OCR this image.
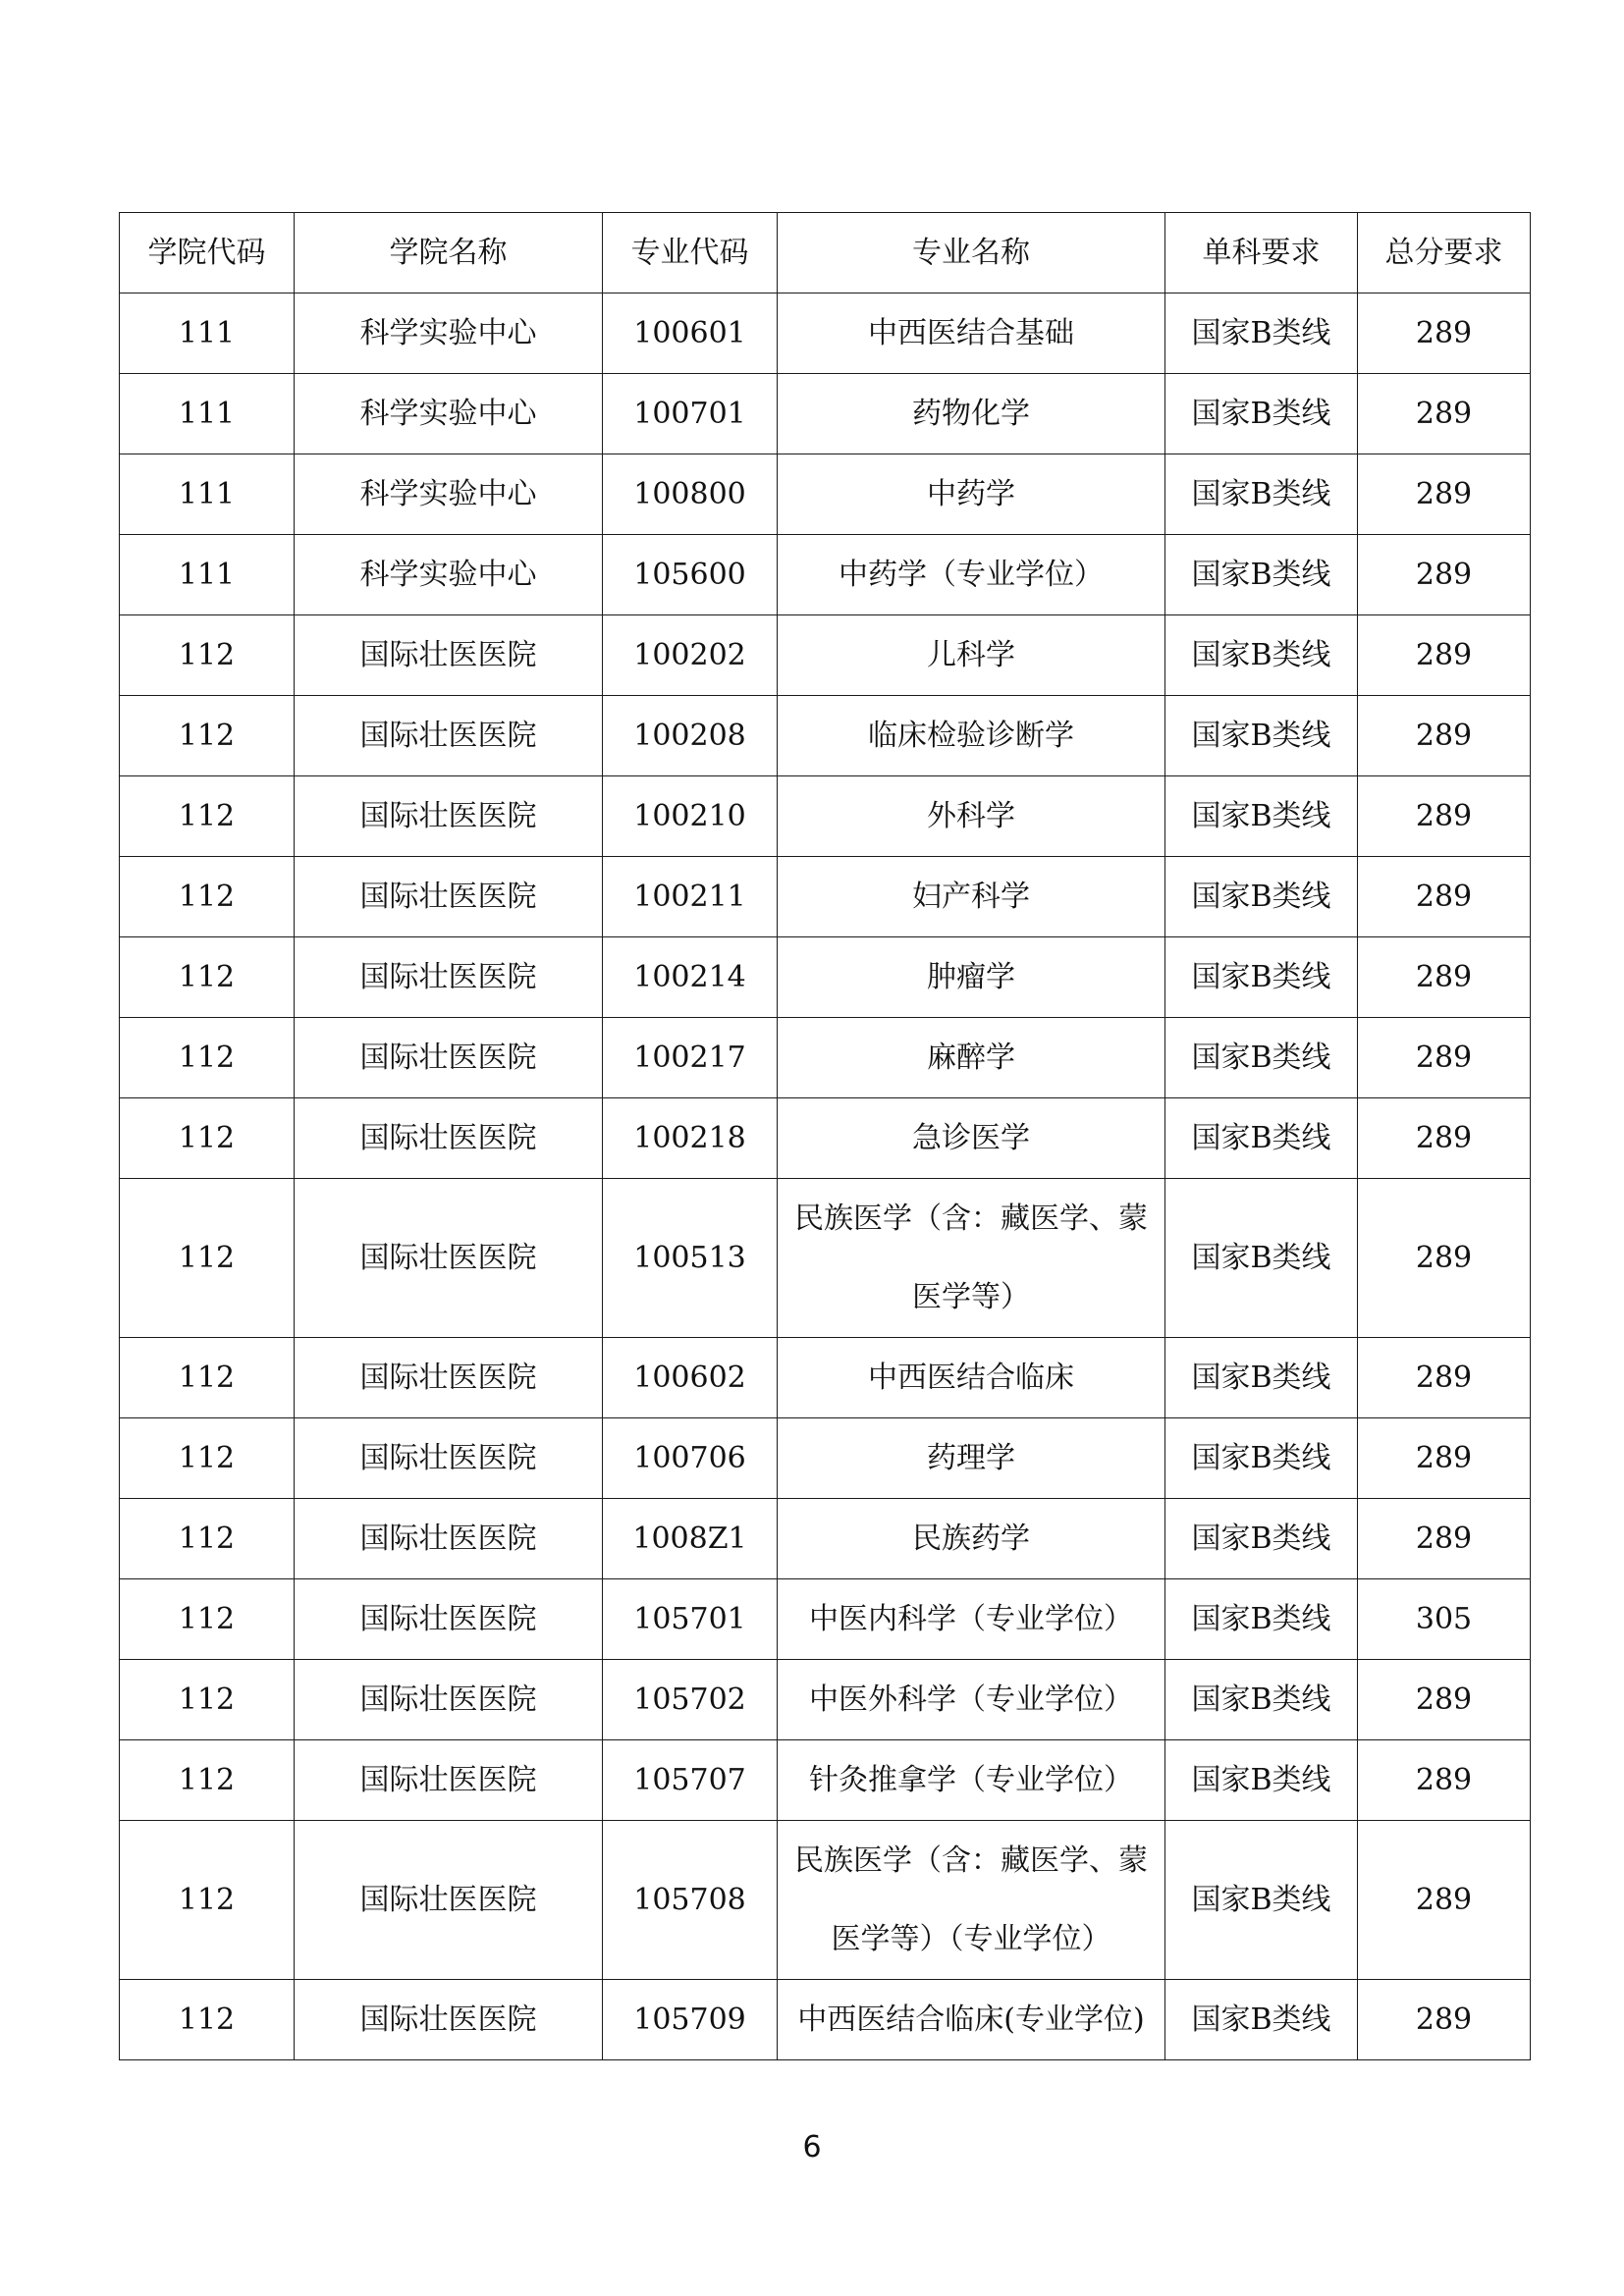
学院代码	学院名称	专业代码	专业名称	单科要求	总分要求
111	科学实验中心	100601	中西医结合基础	国家B类线	289
111	科学实验中心	100701	药物化学	国家B类线	289
111	科学实验中心	100800	中药学	国家B类线	289
111	科学实验中心	105600	中药学（专业学位）	国家B类线	289
112	国际壮医医院	100202	儿科学	国家B类线	289
112	国际壮医医院	100208	临床检验诊断学	国家B类线	289
112	国际壮医医院	100210	外科学	国家B类线	289
112	国际壮医医院	100211	妇产科学	国家B类线	289
112	国际壮医医院	100214	肿瘤学	国家B类线	289
112	国际壮医医院	100217	麻醉学	国家B类线	289
112	国际壮医医院	100218	急诊医学	国家B类线	289
112	国际壮医医院	100513	民族医学（含：藏医学、蒙医学等）	国家B类线	289
112	国际壮医医院	100602	中西医结合临床	国家B类线	289
112	国际壮医医院	100706	药理学	国家B类线	289
112	国际壮医医院	1008Z1	民族药学	国家B类线	289
112	国际壮医医院	105701	中医内科学（专业学位）	国家B类线	305
112	国际壮医医院	105702	中医外科学（专业学位）	国家B类线	289
112	国际壮医医院	105707	针灸推拿学（专业学位）	国家B类线	289
112	国际壮医医院	105708	民族医学（含：藏医学、蒙医学等）（专业学位）	国家B类线	289
112	国际壮医医院	105709	中西医结合临床(专业学位)	国家B类线	289
6
